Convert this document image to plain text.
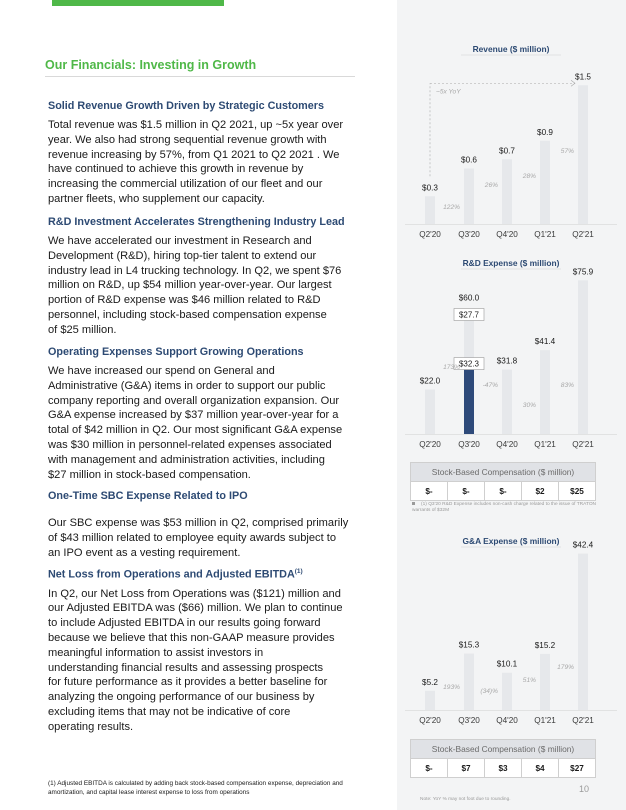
Our Financials: Investing in Growth
Solid Revenue Growth Driven by Strategic Customers
Total revenue was $1.5 million in Q2 2021, up ~5x year over
year. We also had strong sequential revenue growth with
revenue increasing by 57%, from Q1 2021 to Q2 2021 . We
have continued to achieve this growth in revenue by
increasing the commercial utilization of our fleet and our
partner fleets, who supplement our capacity.
R&D Investment Accelerates Strengthening Industry Lead
We have accelerated our investment in Research and
Development (R&D), hiring top-tier talent to extend our
industry lead in L4 trucking technology. In Q2, we spent $76
million on R&D, up $54 million year-over-year. Our largest
portion of R&D expense was $46 million related to R&D
personnel, including stock-based compensation expense
of $25 million.
Operating Expenses Support Growing Operations
We have increased our spend on General and
Administrative (G&A) items in order to support our public
company reporting and overall organization expansion. Our
G&A expense increased by $37 million year-over-year for a
total of $42 million in Q2. Our most significant G&A expense
was $30 million in personnel-related expenses associated
with management and administration activities, including
$27 million in stock-based compensation.
One-Time SBC Expense Related to IPO
Our SBC expense was $53 million in Q2, comprised primarily
of $43 million related to employee equity awards subject to
an IPO event as a vesting requirement.
Net Loss from Operations and Adjusted EBITDA$^{(1)}$
In Q2, our Net Loss from Operations was ($121) million and
our Adjusted EBITDA was ($66) million. We plan to continue
to include Adjusted EBITDA in our results going forward
because we believe that this non-GAAP measure provides
meaningful information to assist investors in
understanding financial results and assessing prospects
for future performance as it provides a better baseline for
analyzing the ongoing performance of our business by
excluding items that may not be indicative of core
operating results.
(1) Adjusted EBITDA is calculated by adding back stock-based compensation expense, depreciation and
amortization, and capital lease interest expense to loss from operations
Revenue ($ million)
$0.3
Q2'20
$0.6
122%
Q3'20
$0.7
26%
Q4'20
$0.9
28%
Q1'21
$1.5
57%
Q2'21
~5x YoY
R&D Expense ($ million)
$22.0
Q2'20
$32.3
$27.7
$60.0
173%
Q3'20
$31.8
-47%
Q4'20
$41.4
30%
Q1'21
$75.9
83%
Q2'21
G&A Expense ($ million)
$5.2
Q2'20
$15.3
193%
Q3'20
$10.1
(34)%
Q4'20
$15.2
51%
Q1'21
$42.4
179%
Q2'21
Stock-Based Compensation ($ million)
$-	$-	$-	$2	$25
(1) Q3'20 R&D Expense includes non-cash charge related to the issue of TRATON warrants of $32M
Stock-Based Compensation ($ million)
$-	$7	$3	$4	$27
10
Note: YoY % may not foot due to rounding.
